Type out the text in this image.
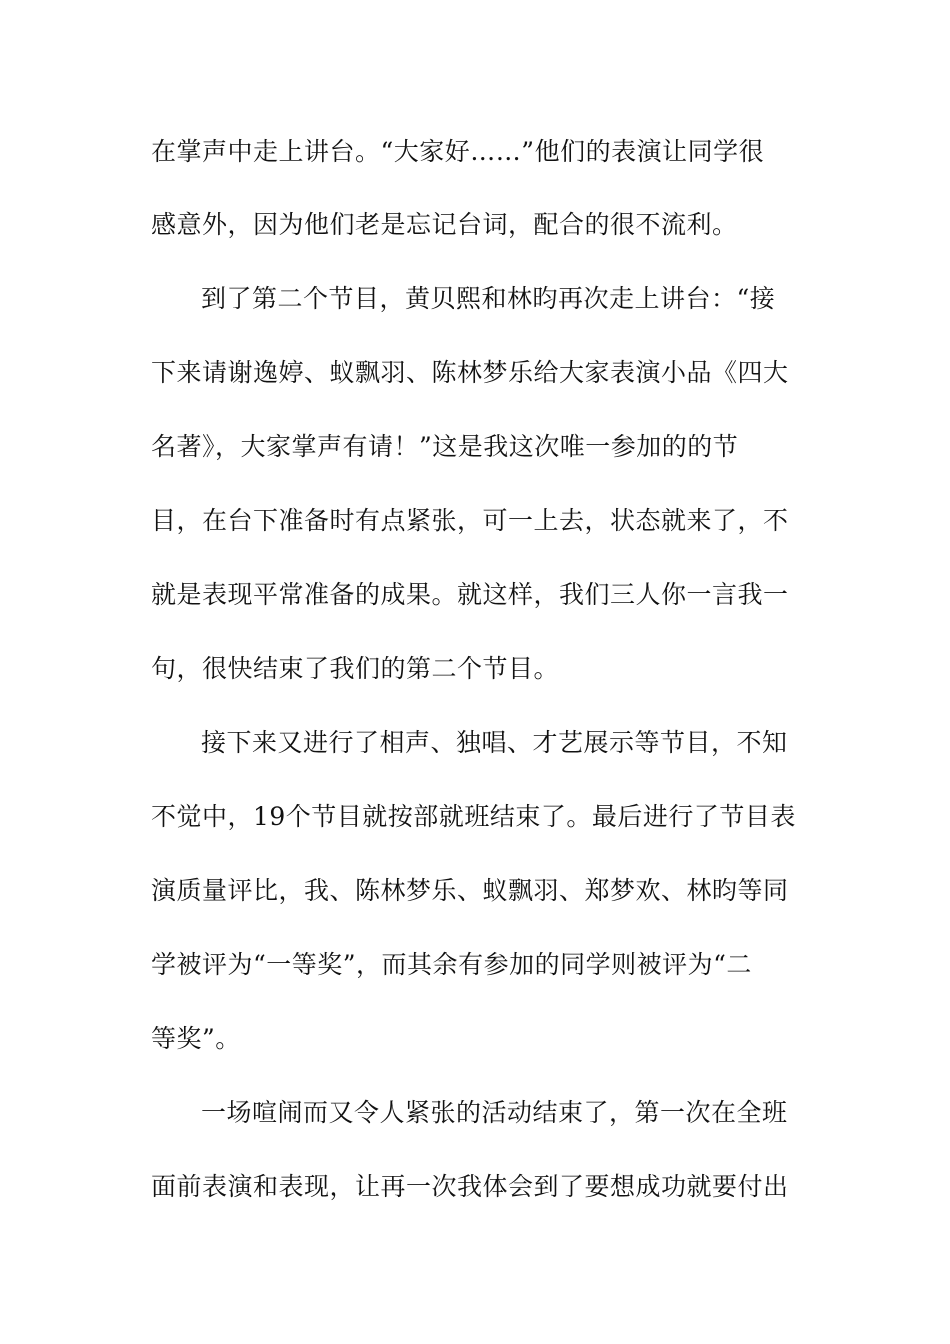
在掌声中走上讲台。“大家好……”他们的表演让同学很
感意外，因为他们老是忘记台词，配合的很不流利。
到了第二个节目，黄贝熙和林昀再次走上讲台：“接
下来请谢逸婷、蚁飘羽、陈林梦乐给大家表演小品《四大
名著》，大家掌声有请！”这是我这次唯一参加的的节
目，在台下准备时有点紧张，可一上去，状态就来了，不
就是表现平常准备的成果。就这样，我们三人你一言我一
句，很快结束了我们的第二个节目。
接下来又进行了相声、独唱、才艺展示等节目，不知
不觉中，19个节目就按部就班结束了。最后进行了节目表
演质量评比，我、陈林梦乐、蚁飘羽、郑梦欢、林昀等同
学被评为“一等奖”，而其余有参加的同学则被评为“二
等奖”。
一场喧闹而又令人紧张的活动结束了，第一次在全班
面前表演和表现，让再一次我体会到了要想成功就要付出
